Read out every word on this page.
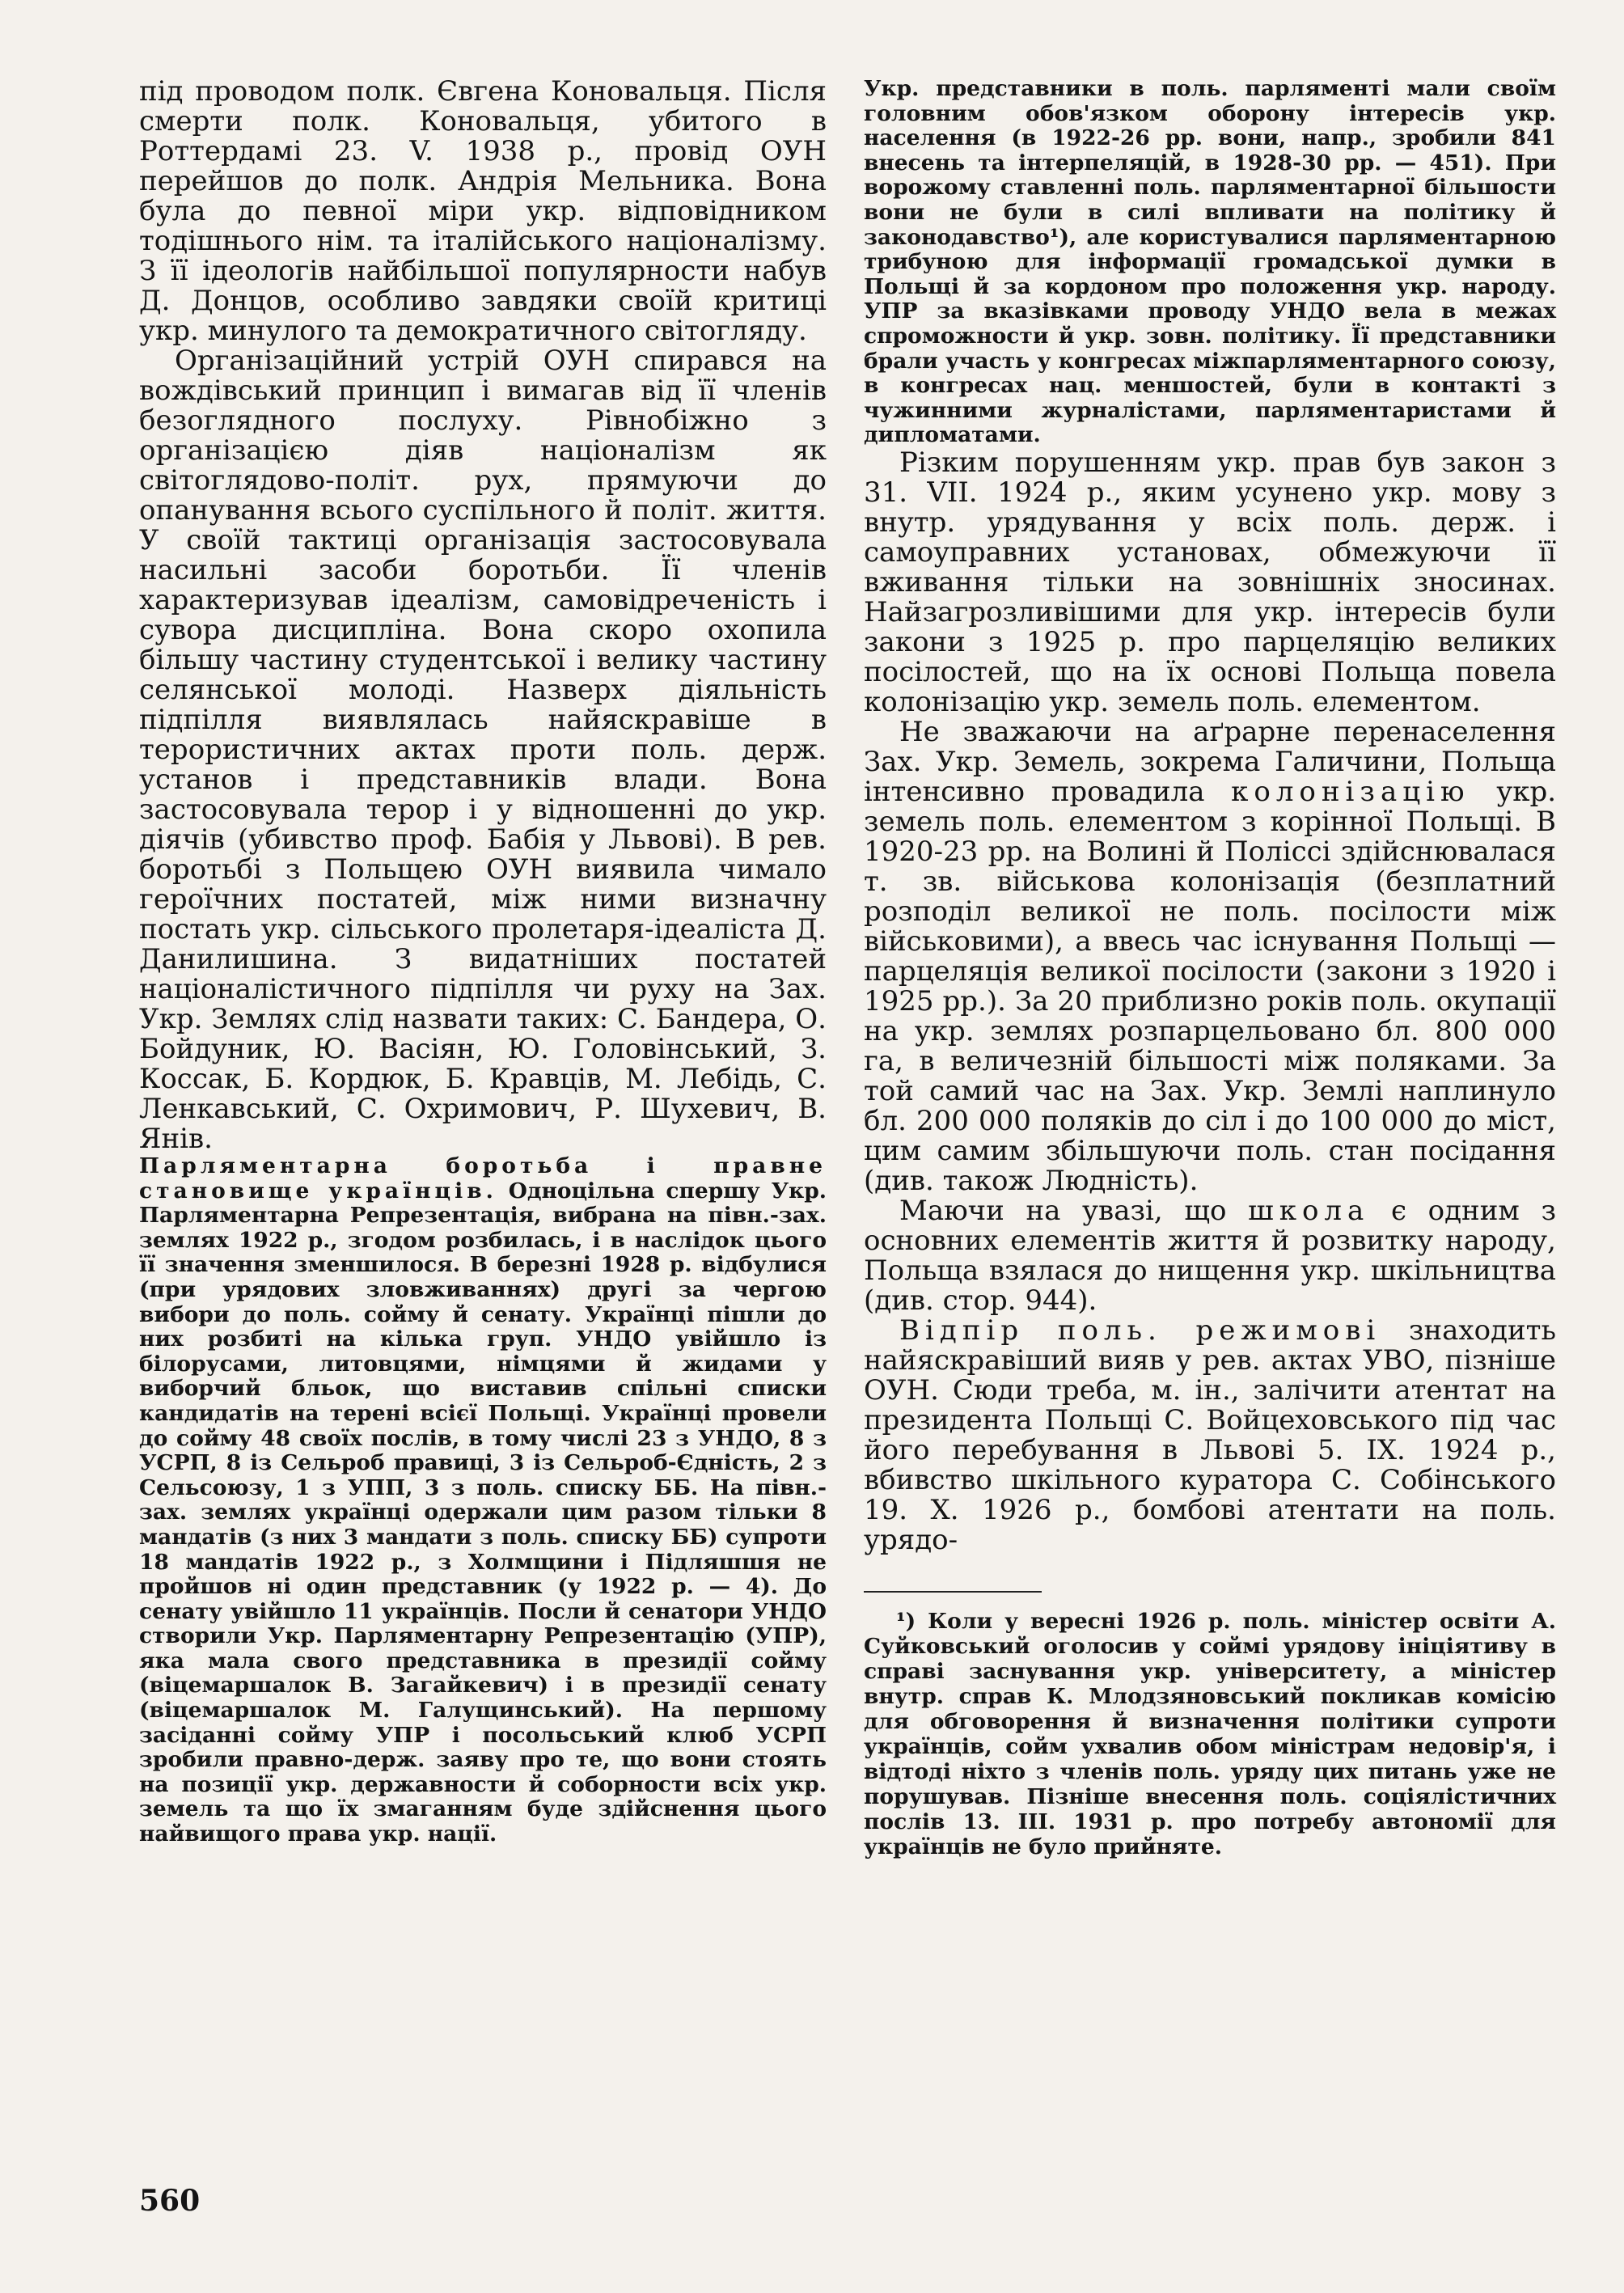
під проводом полк. Євгена Коновальця. Після смерти полк. Коновальця, убитого в Роттердамі 23. V. 1938 р., провід ОУН перейшов до полк. Андрія Мельника. Вона була до певної міри укр. відповідником тодішнього нім. та італійського націоналізму. З її ідеологів найбільшої популярности набув Д. Донцов, особливо завдяки своїй критиці укр. минулого та демократичного світогляду.

Організаційний устрій ОУН спирався на вождівський принцип і вимагав від її членів безоглядного послуху. Рівнобіжно з організацією діяв націоналізм як світоглядово-політ. рух, прямуючи до опанування всього суспільного й політ. життя. У своїй тактиці організація застосовувала насильні засоби боротьби. Її членів характеризував ідеалізм, самовідреченість і сувора дисципліна. Вона скоро охопила більшу частину студентської і велику частину селянської молоді. Назверх діяльність підпілля виявлялась найяскравіше в терористичних актах проти поль. держ. установ і представників влади. Вона застосовувала терор і у відношенні до укр. діячів (убивство проф. Бабія у Львові). В рев. боротьбі з Польщею ОУН виявила чимало героїчних постатей, між ними визначну постать укр. сільського пролетаря-ідеаліста Д. Данилишина. З видатніших постатей націоналістичного підпілля чи руху на Зах. Укр. Землях слід назвати таких: С. Бандера, О. Бойдуник, Ю. Васіян, Ю. Головінський, З. Коссак, Б. Кордюк, Б. Кравців, М. Лебідь, С. Ленкавський, С. Охримович, Р. Шухевич, В. Янів.

Парляментарна боротьба і правне становище українців. Одноцільна спершу Укр. Парляментарна Репрезентація, вибрана на півн.-зах. землях 1922 р., згодом розбилась, і в наслідок цього її значення зменшилося. В березні 1928 р. відбулися (при урядових зловживаннях) другі за чергою вибори до поль. сойму й сенату. Українці пішли до них розбиті на кілька груп. УНДО увійшло із білорусами, литовцями, німцями й жидами у виборчий бльок, що виставив спільні списки кандидатів на терені всієї Польщі. Українці провели до сойму 48 своїх послів, в тому числі 23 з УНДО, 8 з УСРП, 8 із Сельроб правиці, 3 із Сельроб-Єдність, 2 з Сельсоюзу, 1 з УПП, 3 з поль. списку ББ. На півн.-зах. землях українці одержали цим разом тільки 8 мандатів (з них 3 мандати з поль. списку ББ) супроти 18 мандатів 1922 р., з Холмщини і Підляшшя не пройшов ні один представник (у 1922 р. — 4). До сенату увійшло 11 українців. Посли й сенатори УНДО створили Укр. Парляментарну Репрезентацію (УПР), яка мала свого представника в президії сойму (віцемаршалок В. Загайкевич) і в президії сенату (віцемаршалок М. Галущинський). На першому засіданні сойму УПР і посольський клюб УСРП зробили правно-держ. заяву про те, що вони стоять на позиції укр. державности й соборности всіх укр. земель та що їх змаганням буде здійснення цього найвищого права укр. нації.

Укр. представники в поль. парляменті мали своїм головним обов'язком оборону інтересів укр. населення (в 1922-26 рр. вони, напр., зробили 841 внесень та інтерпеляцій, в 1928-30 рр. — 451). При ворожому ставленні поль. парляментарної більшости вони не були в силі впливати на політику й законодавство¹), але користувалися парляментарною трибуною для інформації громадської думки в Польщі й за кордоном про положення укр. народу. УПР за вказівками проводу УНДО вела в межах спроможности й укр. зовн. політику. Її представники брали участь у конгресах міжпарляментарного союзу, в конгресах нац. меншостей, були в контакті з чужинними журналістами, парляментаристами й дипломатами.

Різким порушенням укр. прав був закон з 31. VII. 1924 р., яким усунено укр. мову з внутр. урядування у всіх поль. держ. і самоуправних установах, обмежуючи її вживання тільки на зовнішніх зносинах. Найзагрозливішими для укр. інтересів були закони з 1925 р. про парцеляцію великих посілостей, що на їх основі Польща повела колонізацію укр. земель поль. елементом.

Не зважаючи на аґрарне перенаселення Зах. Укр. Земель, зокрема Галичини, Польща інтенсивно провадила колонізацію укр. земель поль. елементом з корінної Польщі. В 1920-23 рр. на Волині й Поліссі здійснювалася т. зв. військова колонізація (безплатний розподіл великої не поль. посілости між військовими), а ввесь час існування Польщі — парцеляція великої посілости (закони з 1920 і 1925 рр.). За 20 приблизно років поль. окупації на укр. землях розпарцельовано бл. 800 000 га, в величезній більшості між поляками. За той самий час на Зах. Укр. Землі наплинуло бл. 200 000 поляків до сіл і до 100 000 до міст, цим самим збільшуючи поль. стан посідання (див. також Людність).

Маючи на увазі, що школа є одним з основних елементів життя й розвитку народу, Польща взялася до нищення укр. шкільництва (див. стор. 944).

Відпір поль. режимові знаходить найяскравіший вияв у рев. актах УВО, пізніше ОУН. Сюди треба, м. ін., залічити атентат на президента Польщі С. Войцеховського під час його перебування в Львові 5. IX. 1924 р., вбивство шкільного куратора С. Собінського 19. X. 1926 р., бомбові атентати на поль. урядо-

¹) Коли у вересні 1926 р. поль. міністер освіти А. Суйковський оголосив у соймі урядову ініціятиву в справі заснування укр. університету, а міністер внутр. справ К. Млодзяновський покликав комісію для обговорення й визначення політики супроти українців, сойм ухвалив обом міністрам недовір'я, і відтоді ніхто з членів поль. уряду цих питань уже не порушував. Пізніше внесення поль. соціялістичних послів 13. III. 1931 р. про потребу автономії для українців не було прийняте.

560
